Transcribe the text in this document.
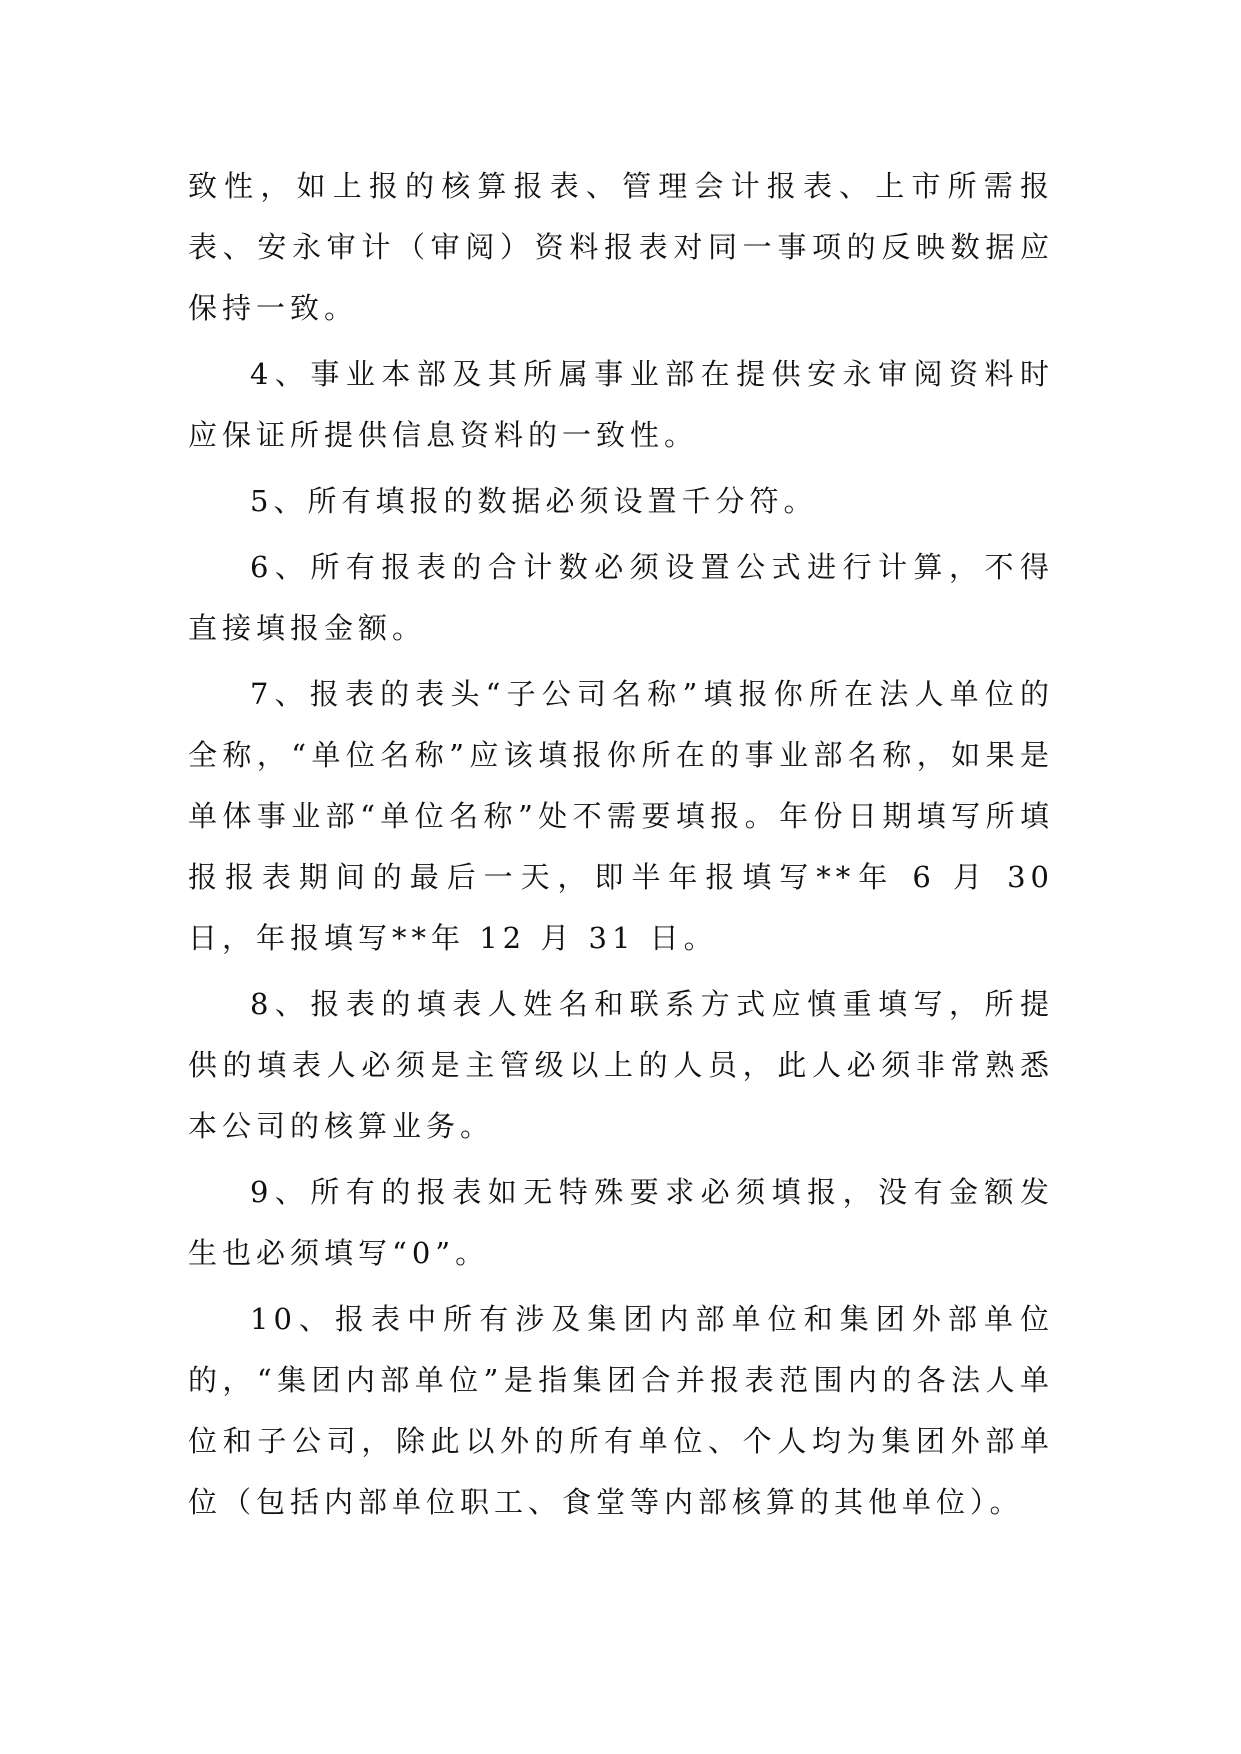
致性，如上报的核算报表、管理会计报表、上市所需报表、安永审计（审阅）资料报表对同一事项的反映数据应保持一致。

4、事业本部及其所属事业部在提供安永审阅资料时应保证所提供信息资料的一致性。

5、所有填报的数据必须设置千分符。

6、所有报表的合计数必须设置公式进行计算，不得直接填报金额。

7、报表的表头“子公司名称”填报你所在法人单位的全称，“单位名称”应该填报你所在的事业部名称，如果是单体事业部“单位名称”处不需要填报。年份日期填写所填报报表期间的最后一天，即半年报填写**年 6 月 30 日，年报填写**年 12 月 31 日。

8、报表的填表人姓名和联系方式应慎重填写，所提供的填表人必须是主管级以上的人员，此人必须非常熟悉本公司的核算业务。

9、所有的报表如无特殊要求必须填报，没有金额发生也必须填写“0”。

10、报表中所有涉及集团内部单位和集团外部单位的，“集团内部单位”是指集团合并报表范围内的各法人单位和子公司，除此以外的所有单位、个人均为集团外部单位（包括内部单位职工、食堂等内部核算的其他单位）。
